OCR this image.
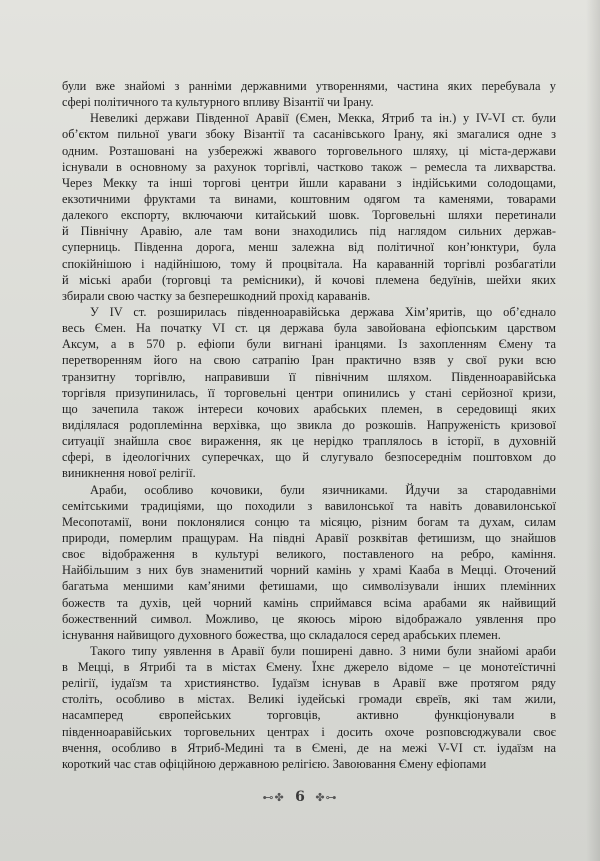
були вже знайомі з ранніми державними утвореннями, частина яких перебувала у
сфері політичного та культурного впливу Візантії чи Ірану.
Невеликі держави Південної Аравії (Ємен, Мекка, Ятриб та ін.) у IV-VI ст. були
об’єктом пильної уваги збоку Візантії та сасанівського Ірану, які змагалися одне з
одним. Розташовані на узбережжі жвавого торговельного шляху, ці міста-держави
існували в основному за рахунок торгівлі, частково також – ремесла та лихварства.
Через Мекку та інші торгові центри йшли каравани з індійськими солодощами,
екзотичними фруктами та винами, коштовним одягом та каменями, товарами
далекого експорту, включаючи китайський шовк. Торговельні шляхи перетинали
й Північну Аравію, але там вони знаходились під наглядом сильних держав-
суперниць. Південна дорога, менш залежна від політичної кон’юнктури, була
спокійнішою і надійнішою, тому й процвітала. На караванній торгівлі розбагатіли
й міські араби (торговці та ремісники), й кочові племена бедуїнів, шейхи яких
збирали свою частку за безперешкодний прохід караванів.
У IV ст. розширилась південноаравійська держава Хім’яритів, що об’єднало
весь Ємен. На початку VI ст. ця держава була завойована ефіопським царством
Аксум, а в 570 р. ефіопи були вигнані іранцями. Із захопленням Ємену та
перетворенням його на свою сатрапію Іран практично взяв у свої руки всю
транзитну торгівлю, направивши її північним шляхом. Південноаравійська
торгівля призупинилась, її торговельні центри опинились у стані серйозної кризи,
що зачепила також інтереси кочових арабських племен, в середовищі яких
виділялася родоплемінна верхівка, що звикла до розкошів. Напруженість кризової
ситуації знайшла своє вираження, як це нерідко траплялось в історії, в духовній
сфері, в ідеологічних суперечках, що й слугувало безпосереднім поштовхом до
виникнення нової релігії.
Араби, особливо кочовики, були язичниками. Йдучи за стародавніми
семітськими традиціями, що походили з вавилонської та навіть довавилонської
Месопотамії, вони поклонялися сонцю та місяцю, різним богам та духам, силам
природи, померлим пращурам. На півдні Аравії розквітав фетишизм, що знайшов
своє відображення в культурі великого, поставленого на ребро, каміння.
Найбільшим з них був знаменитий чорний камінь у храмі Кааба в Мецці. Оточений
багатьма меншими кам’яними фетишами, що символізували інших племінних
божеств та духів, цей чорний камінь сприймався всіма арабами як найвищий
божественний символ. Можливо, це якоюсь мірою відображало уявлення про
існування найвищого духовного божества, що складалося серед арабських племен.
Такого типу уявлення в Аравії були поширені давно. З ними були знайомі араби
в Мецці, в Ятрибі та в містах Ємену. Їхнє джерело відоме – це монотеїстичні
релігії, іудаїзм та християнство. Іудаїзм існував в Аравії вже протягом ряду
століть, особливо в містах. Великі іудейські громади євреїв, які там жили,
насамперед європейських торговців, активно функціонували в
південноаравійських торговельних центрах і досить охоче розповсюджували своє
вчення, особливо в Ятриб-Медині та в Ємені, де на межі V-VI ст. іудаїзм на
короткий час став офіційною державною релігією. Завоювання Ємену ефіопами
⊷✤ 6 ✤⊶
